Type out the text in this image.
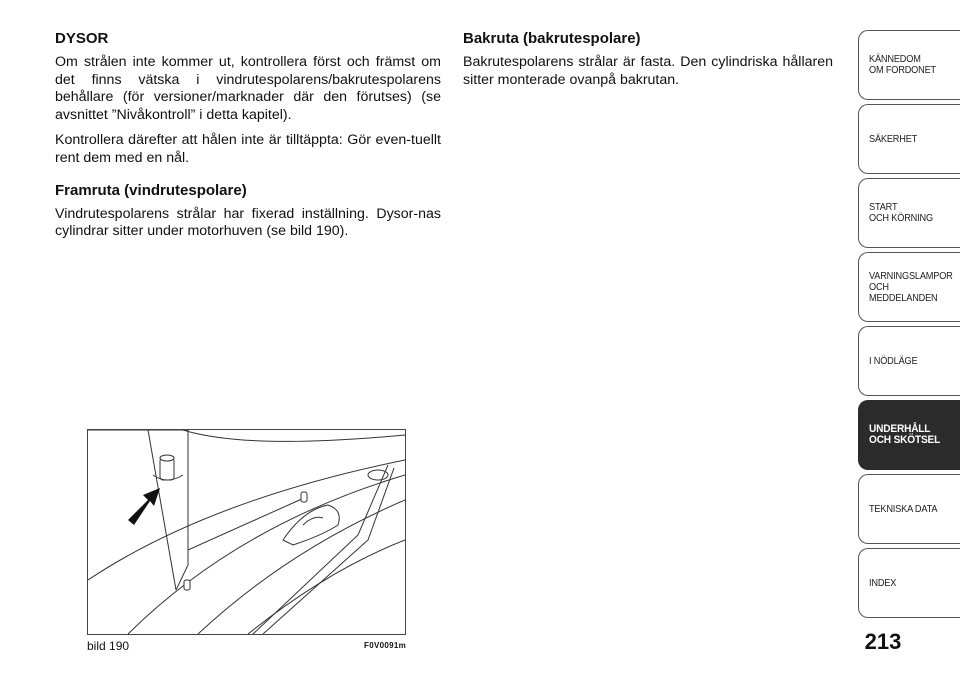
DYSOR

Om strålen inte kommer ut, kontrollera först och främst om det finns vätska i vindrutespolarens/bakrutespolarens behållare (för versioner/marknader där den förutses) (se avsnittet ”Nivåkontroll” i detta kapitel).

Kontrollera därefter att hålen inte är tilltäppta: Gör even-tuellt rent dem med en nål.

Framruta (vindrutespolare)

Vindrutespolarens strålar har fixerad inställning. Dysor-nas cylindrar sitter under motorhuven (se bild 190).

Bakruta (bakrutespolare)

Bakrutespolarens strålar är fasta. Den cylindriska hållaren sitter monterade ovanpå bakrutan.

bild 190	F0V0091m	213
KÄNNEDOM
OM FORDONET
SÄKERHET
START
OCH KÖRNING
VARNINGSLAMPOR
OCH
MEDDELANDEN
I NÖDLÄGE
UNDERHÅLL
OCH SKÖTSEL
TEKNISKA DATA
INDEX
